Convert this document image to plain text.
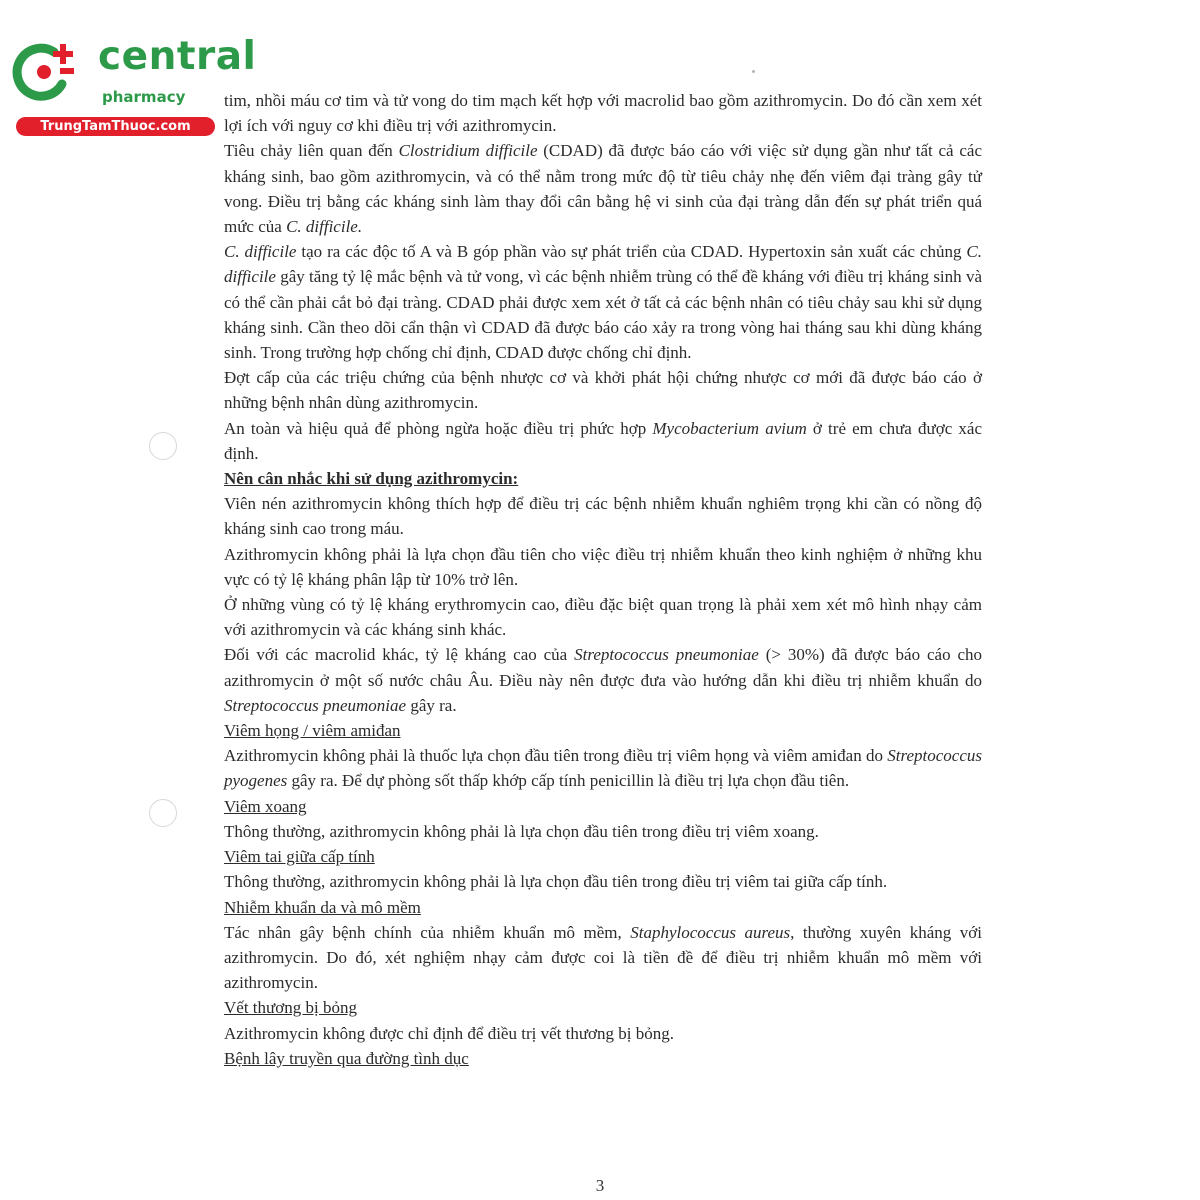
central
pharmacy
TrungTamThuoc.com

tim, nhồi máu cơ tim và tử vong do tim mạch kết hợp với macrolid bao gồm azithromycin. Do đó cần xem xét lợi ích với nguy cơ khi điều trị với azithromycin.

Tiêu chảy liên quan đến Clostridium difficile (CDAD) đã được báo cáo với việc sử dụng gần như tất cả các kháng sinh, bao gồm azithromycin, và có thể nằm trong mức độ từ tiêu chảy nhẹ đến viêm đại tràng gây tử vong. Điều trị bằng các kháng sinh làm thay đổi cân bằng hệ vi sinh của đại tràng dẫn đến sự phát triển quá mức của C. difficile.

C. difficile tạo ra các độc tố A và B góp phần vào sự phát triển của CDAD. Hypertoxin sản xuất các chủng C. difficile gây tăng tỷ lệ mắc bệnh và tử vong, vì các bệnh nhiễm trùng có thể đề kháng với điều trị kháng sinh và có thể cần phải cắt bỏ đại tràng. CDAD phải được xem xét ở tất cả các bệnh nhân có tiêu chảy sau khi sử dụng kháng sinh. Cần theo dõi cẩn thận vì CDAD đã được báo cáo xảy ra trong vòng hai tháng sau khi dùng kháng sinh. Trong trường hợp chống chỉ định, CDAD được chống chỉ định.

Đợt cấp của các triệu chứng của bệnh nhược cơ và khởi phát hội chứng nhược cơ mới đã được báo cáo ở những bệnh nhân dùng azithromycin.

An toàn và hiệu quả để phòng ngừa hoặc điều trị phức hợp Mycobacterium avium ở trẻ em chưa được xác định.

Nên cân nhắc khi sử dụng azithromycin:

Viên nén azithromycin không thích hợp để điều trị các bệnh nhiễm khuẩn nghiêm trọng khi cần có nồng độ kháng sinh cao trong máu.

Azithromycin không phải là lựa chọn đầu tiên cho việc điều trị nhiễm khuẩn theo kinh nghiệm ở những khu vực có tỷ lệ kháng phân lập từ 10% trở lên.

Ở những vùng có tỷ lệ kháng erythromycin cao, điều đặc biệt quan trọng là phải xem xét mô hình nhạy cảm với azithromycin và các kháng sinh khác.

Đối với các macrolid khác, tỷ lệ kháng cao của Streptococcus pneumoniae (> 30%) đã được báo cáo cho azithromycin ở một số nước châu Âu. Điều này nên được đưa vào hướng dẫn khi điều trị nhiễm khuẩn do Streptococcus pneumoniae gây ra.

Viêm họng / viêm amiđan

Azithromycin không phải là thuốc lựa chọn đầu tiên trong điều trị viêm họng và viêm amiđan do Streptococcus pyogenes gây ra. Để dự phòng sốt thấp khớp cấp tính penicillin là điều trị lựa chọn đầu tiên.

Viêm xoang

Thông thường, azithromycin không phải là lựa chọn đầu tiên trong điều trị viêm xoang.

Viêm tai giữa cấp tính

Thông thường, azithromycin không phải là lựa chọn đầu tiên trong điều trị viêm tai giữa cấp tính.

Nhiễm khuẩn da và mô mềm

Tác nhân gây bệnh chính của nhiễm khuẩn mô mềm, Staphylococcus aureus, thường xuyên kháng với azithromycin. Do đó, xét nghiệm nhạy cảm được coi là tiền đề để điều trị nhiễm khuẩn mô mềm với azithromycin.

Vết thương bị bỏng

Azithromycin không được chỉ định để điều trị vết thương bị bỏng.

Bệnh lây truyền qua đường tình dục

3
